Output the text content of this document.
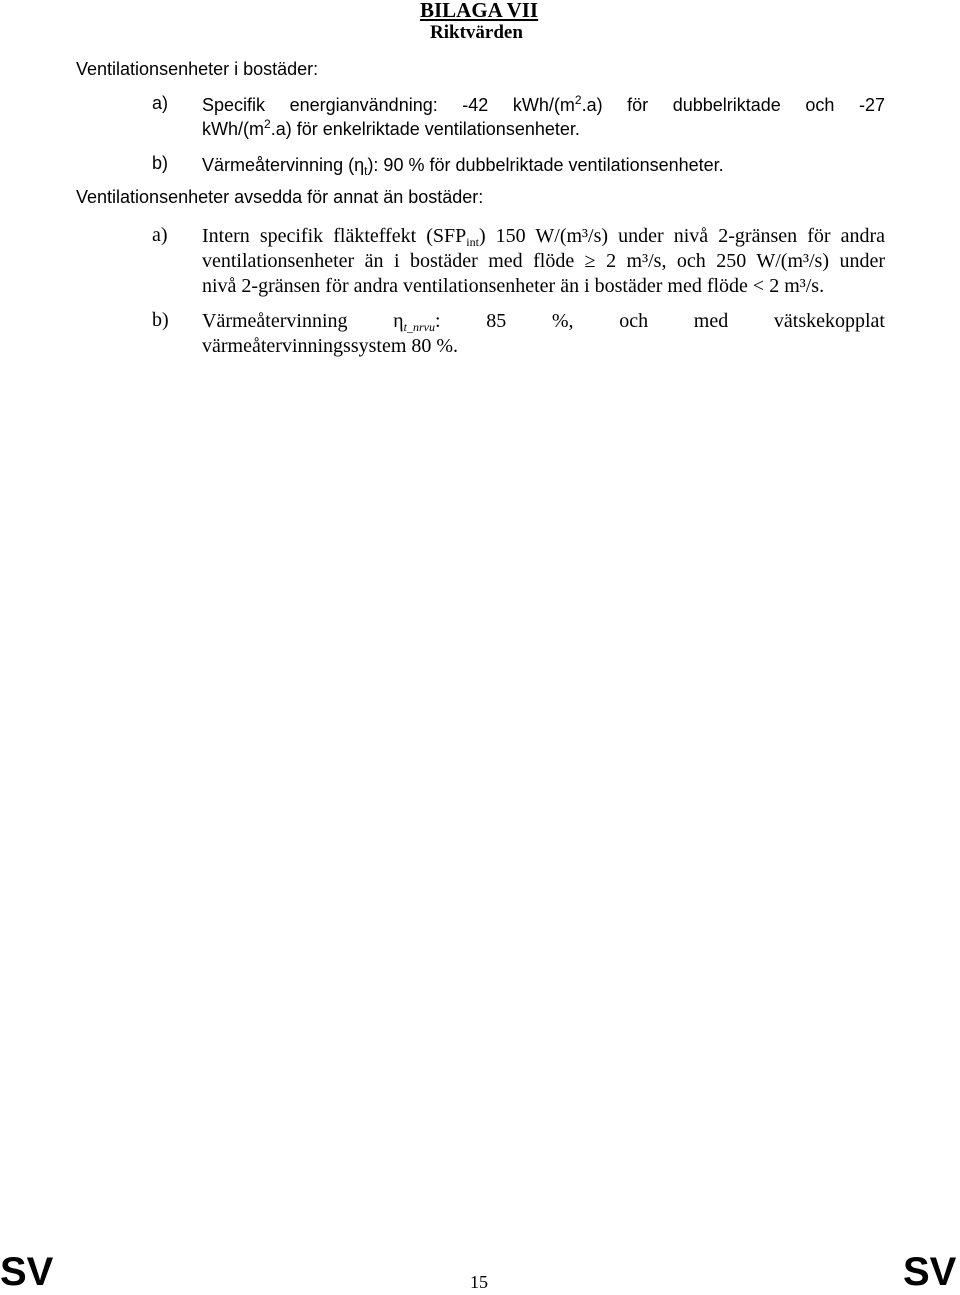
BILAGA VII
Riktvärden
Ventilationsenheter i bostäder:
a) Specifik energianvändning: -42 kWh/$(m^2.a)$ för dubbelriktade och -27
kWh/$(m^2.a)$ för enkelriktade ventilationsenheter.
b) Värmeåtervinning $(\eta_t)$: 90 % för dubbelriktade ventilationsenheter.
Ventilationsenheter avsedda för annat än bostäder:
a) Intern specifik fläkteffekt $(SFP_{int})$ 150 W/(m³/s) under nivå 2-gränsen för andra
ventilationsenheter än i bostäder med flöde ≥ 2 m³/s, och 250 W/(m³/s) under
nivå 2-gränsen för andra ventilationsenheter än i bostäder med flöde < 2 m³/s.
b) Värmeåtervinning $\eta_{t\_nrvu}$: 85 %, och med vätskekopplat
värmeåtervinningssystem 80 %.
SV	15	SV
